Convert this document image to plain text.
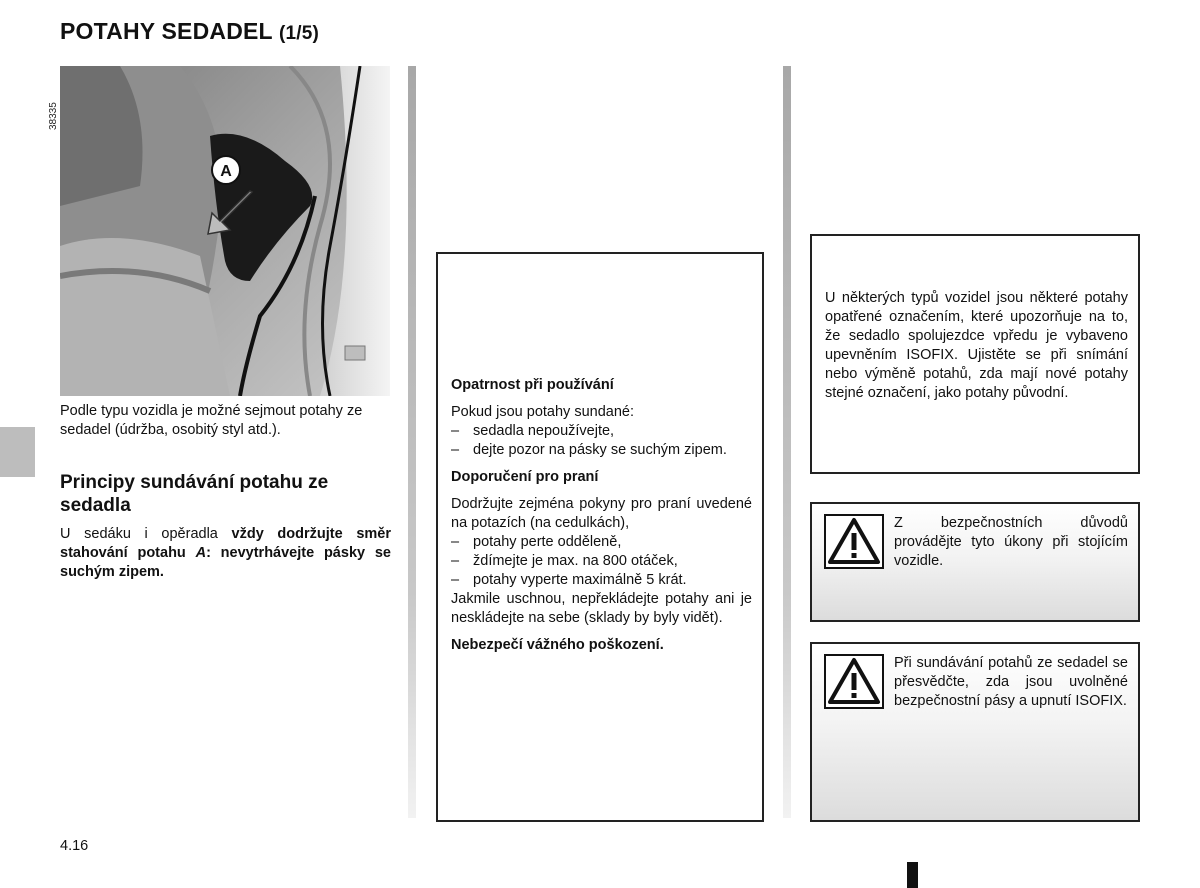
POTAHY SEDADEL (1/5)
A
38335
Podle typu vozidla je možné sejmout potahy ze sedadel (údržba, osobitý styl atd.).
Principy sundávání potahu ze sedadla
U sedáku i opěradla vždy dodržujte směr stahování potahu A: nevytrhávejte pásky se suchým zipem.
Opatrnost při používání
Pokud jsou potahy sundané:
– sedadla nepoužívejte,
– dejte pozor na pásky se suchým zipem.
Doporučení pro praní
Dodržujte zejména pokyny pro praní uvedené na potazích (na cedulkách),
– potahy perte odděleně,
– ždímejte je max. na 800 otáček,
– potahy vyperte maximálně 5 krát.

Jakmile uschnou, nepřekládejte potahy ani je neskládejte na sebe (sklady by byly vidět).

Nebezpečí vážného poškození.
U některých typů vozidel jsou některé potahy opatřené označením, které upozorňuje na to, že sedadlo spolujezdce vpředu je vybaveno upevněním ISOFIX. Ujistěte se při snímání nebo výměně potahů, zda mají nové potahy stejné označení, jako potahy původní.
Z bezpečnostních důvodů provádějte tyto úkony při stojícím vozidle.
Při sundávání potahů ze sedadel se přesvědčte, zda jsou uvolněné bezpečnostní pásy a upnutí ISOFIX.
4.16
